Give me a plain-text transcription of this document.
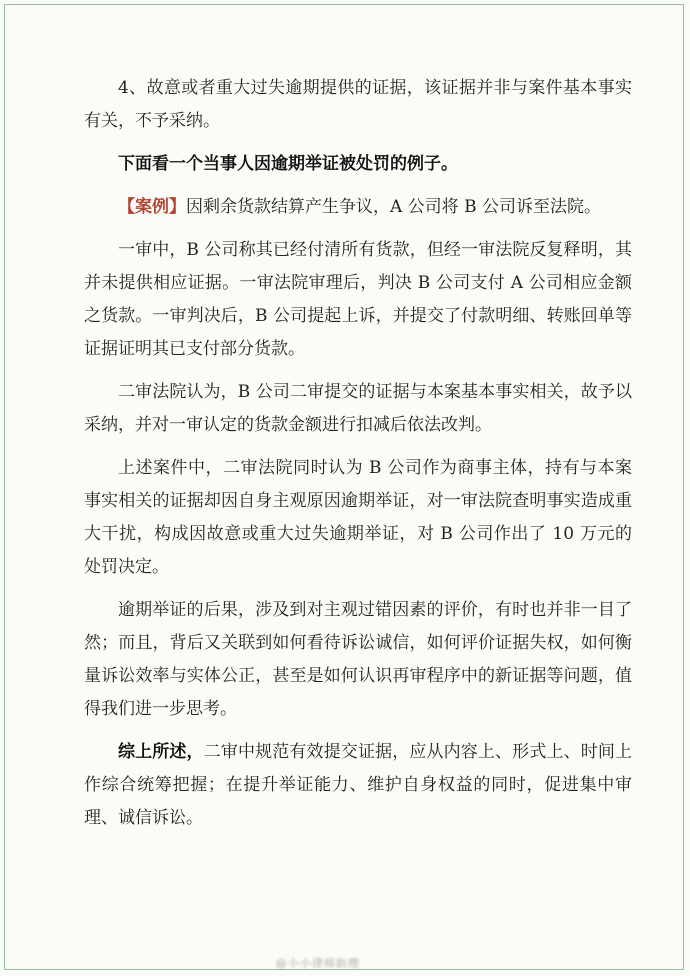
4、故意或者重大过失逾期提供的证据，该证据并非与案件基本事实有关，不予采纳。

下面看一个当事人因逾期举证被处罚的例子。

【案例】因剩余货款结算产生争议，A 公司将 B 公司诉至法院。

一审中，B 公司称其已经付清所有货款，但经一审法院反复释明，其并未提供相应证据。一审法院审理后，判决 B 公司支付 A 公司相应金额之货款。一审判决后，B 公司提起上诉，并提交了付款明细、转账回单等证据证明其已支付部分货款。

二审法院认为，B 公司二审提交的证据与本案基本事实相关，故予以采纳，并对一审认定的货款金额进行扣减后依法改判。

上述案件中，二审法院同时认为 B 公司作为商事主体，持有与本案事实相关的证据却因自身主观原因逾期举证，对一审法院查明事实造成重大干扰，构成因故意或重大过失逾期举证，对 B 公司作出了 10 万元的处罚决定。

逾期举证的后果，涉及到对主观过错因素的评价，有时也并非一目了然；而且，背后又关联到如何看待诉讼诚信，如何评价证据失权，如何衡量诉讼效率与实体公正，甚至是如何认识再审程序中的新证据等问题，值得我们进一步思考。

综上所述，二审中规范有效提交证据，应从内容上、形式上、时间上作综合统筹把握；在提升举证能力、维护自身权益的同时，促进集中审理、诚信诉讼。

@小小律师助理
